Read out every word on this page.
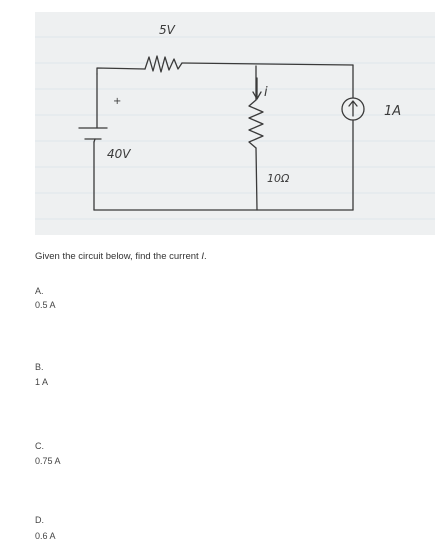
5V
+
40V
i
10Ω
1A
Given the circuit below, find the current I.
A.
0.5 A
B.
1 A
C.
0.75 A
D.
0.6 A
